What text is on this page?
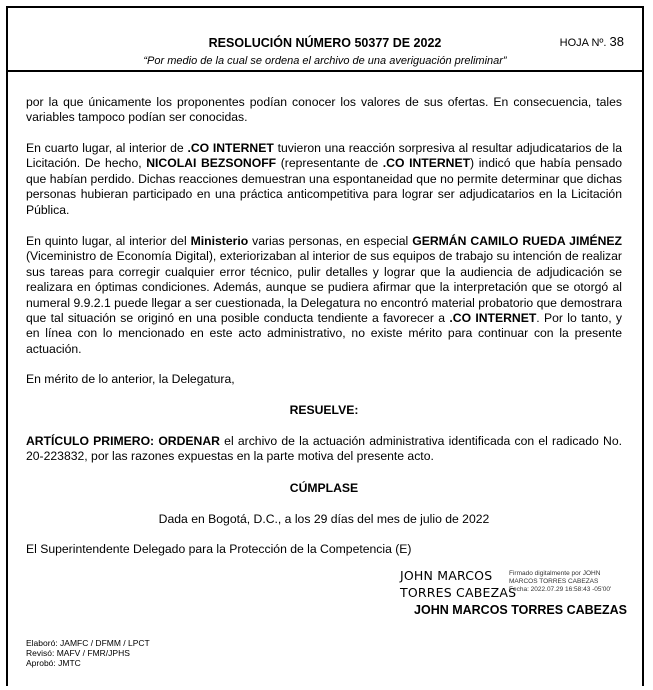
RESOLUCIÓN NÚMERO 50377 DE 2022
“Por medio de la cual se ordena el archivo de una averiguación preliminar”
HOJA Nº. 38

por la que únicamente los proponentes podían conocer los valores de sus ofertas. En consecuencia, tales variables tampoco podían ser conocidas.

En cuarto lugar, al interior de .CO INTERNET tuvieron una reacción sorpresiva al resultar adjudicatarios de la Licitación. De hecho, NICOLAI BEZSONOFF (representante de .CO INTERNET) indicó que había pensado que habían perdido. Dichas reacciones demuestran una espontaneidad que no permite determinar que dichas personas hubieran participado en una práctica anticompetitiva para lograr ser adjudicatarios en la Licitación Pública.

En quinto lugar, al interior del Ministerio varias personas, en especial GERMÁN CAMILO RUEDA JIMÉNEZ (Viceministro de Economía Digital), exteriorizaban al interior de sus equipos de trabajo su intención de realizar sus tareas para corregir cualquier error técnico, pulir detalles y lograr que la audiencia de adjudicación se realizara en óptimas condiciones. Además, aunque se pudiera afirmar que la interpretación que se otorgó al numeral 9.9.2.1 puede llegar a ser cuestionada, la Delegatura no encontró material probatorio que demostrara que tal situación se originó en una posible conducta tendiente a favorecer a .CO INTERNET. Por lo tanto, y en línea con lo mencionado en este acto administrativo, no existe mérito para continuar con la presente actuación.

En mérito de lo anterior, la Delegatura,

RESUELVE:

ARTÍCULO PRIMERO: ORDENAR el archivo de la actuación administrativa identificada con el radicado No. 20-223832, por las razones expuestas en la parte motiva del presente acto.

CÚMPLASE

Dada en Bogotá, D.C., a los 29 días del mes de julio de 2022

El Superintendente Delegado para la Protección de la Competencia (E)

JOHN MARCOS
TORRES CABEZAS
Firmado digitalmente por JOHN
MARCOS TORRES CABEZAS
Fecha: 2022.07.29 16:58:43 -05'00'
JOHN MARCOS TORRES CABEZAS
Elaboró: JAMFC / DFMM / LPCT
Revisó: MAFV / FMR/JPHS
Aprobó: JMTC
